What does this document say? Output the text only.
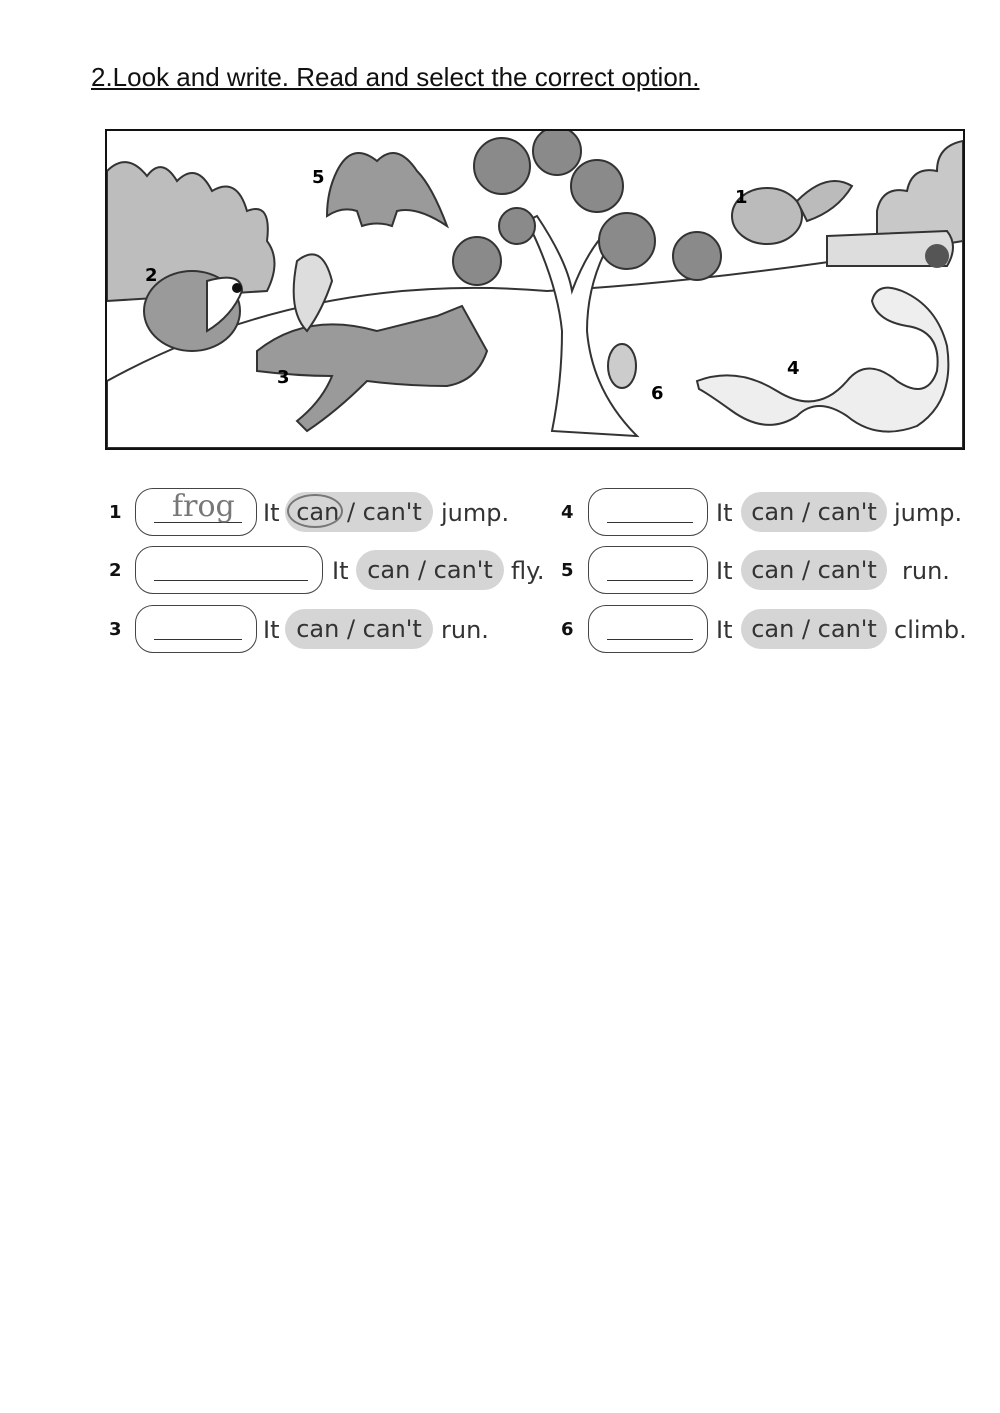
2.Look and write. Read and select the correct option.
5
2
3
1
4
6
1 frog It can / can't jump.
2	It can / can't fly.
3	It can / can't run.
4	It can / can't jump.
5	It can / can't	run.
6	It can / can't climb.
